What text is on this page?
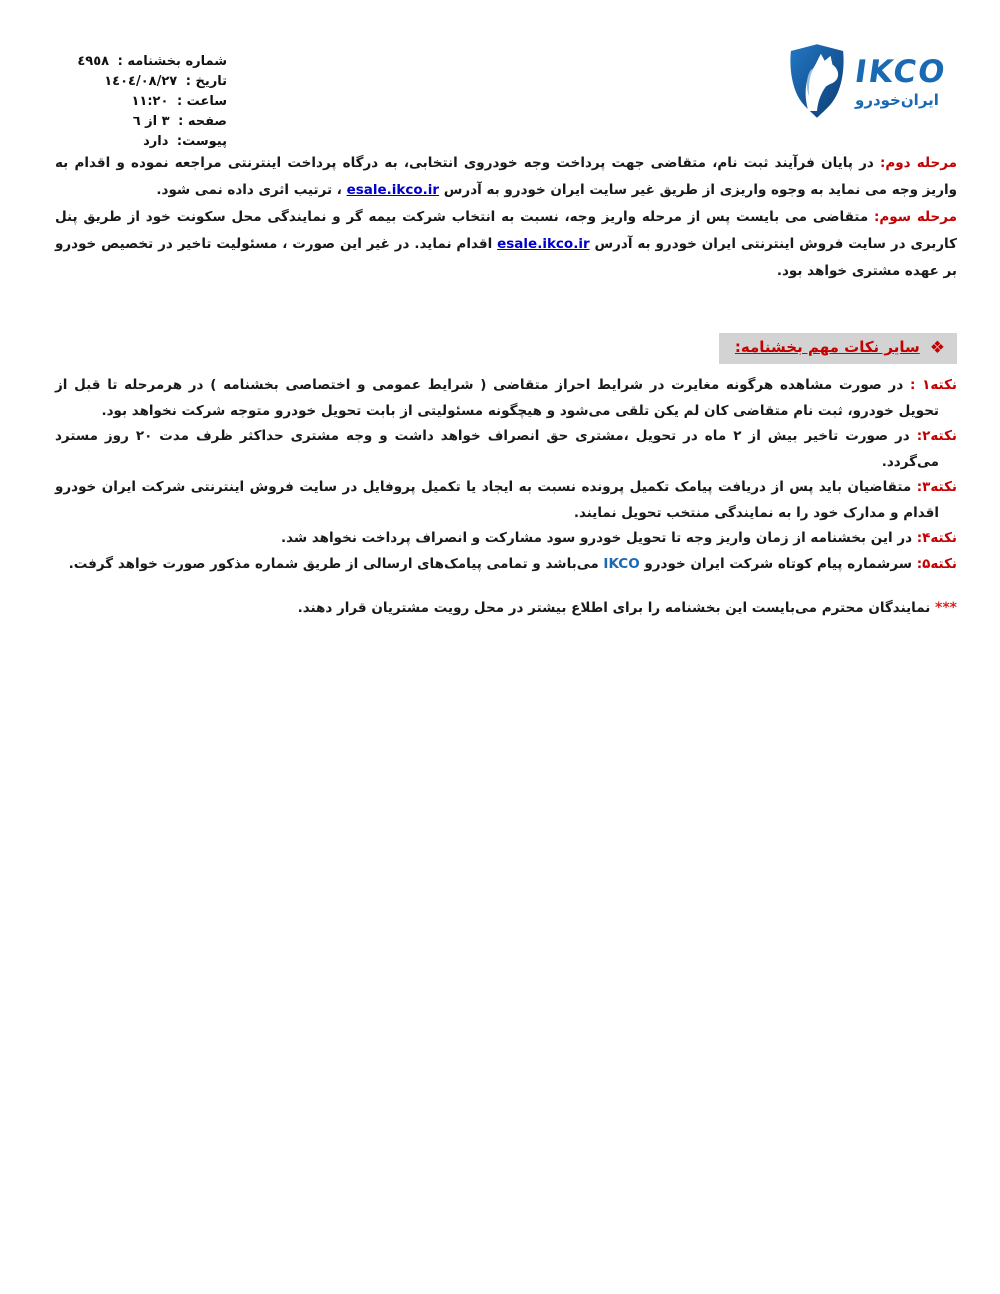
IKCO
ایران‌خودرو
شماره بخشنامه : ٤٩٥٨
تاریخ : ١٤٠٤/٠٨/٢٧
ساعت : ١١:٢٠
صفحه : ٣ از ٦
پیوست: دارد

مرحله دوم: در پایان فرآیند ثبت نام، متقاضی جهت پرداخت وجه خودروی انتخابی، به درگاه پرداخت اینترنتی مراجعه نموده و اقدام به واریز وجه می نماید به وجوه واریزی از طریق غیر سایت ایران خودرو به آدرس esale.ikco.ir ، ترتیب اثری داده نمی شود.

مرحله سوم: متقاضی می بایست پس از مرحله واریز وجه، نسبت به انتخاب شرکت بیمه گر و نمایندگی محل سکونت خود از طریق پنل کاربری در سایت فروش اینترنتی ایران خودرو به آدرس esale.ikco.ir اقدام نماید. در غیر این صورت ، مسئولیت تاخیر در تخصیص خودرو بر عهده مشتری خواهد بود.

❖سایر نکات مهم بخشنامه:

نکته۱ : در صورت مشاهده هرگونه مغایرت در شرایط احراز متقاضی ( شرایط عمومی و اختصاصی بخشنامه ) در هرمرحله تا قبل از تحویل خودرو، ثبت نام متقاضی کان لم یکن تلقی می‌شود و هیچگونه مسئولیتی از بابت تحویل خودرو متوجه شرکت نخواهد بود.

نکته۲: در صورت تاخیر بیش از ۲ ماه در تحویل ،مشتری حق انصراف خواهد داشت و وجه مشتری حداکثر ظرف مدت ۲۰ روز مسترد می‌گردد.

نکته۳: متقاضیان باید پس از دریافت پیامک تکمیل پرونده نسبت به ایجاد یا تکمیل پروفایل در سایت فروش اینترنتی شرکت ایران خودرو اقدام و مدارک خود را به نمایندگی منتخب تحویل نمایند.

نکته۴: در این بخشنامه از زمان واریز وجه تا تحویل خودرو سود مشارکت و انصراف پرداخت نخواهد شد.

نکته۵: سرشماره پیام کوتاه شرکت ایران خودرو IKCO می‌باشد و تمامی پیامک‌های ارسالی از طریق شماره مذکور صورت خواهد گرفت.

*** نمایندگان محترم می‌بایست این بخشنامه را برای اطلاع بیشتر در محل رویت مشتریان قرار دهند.
